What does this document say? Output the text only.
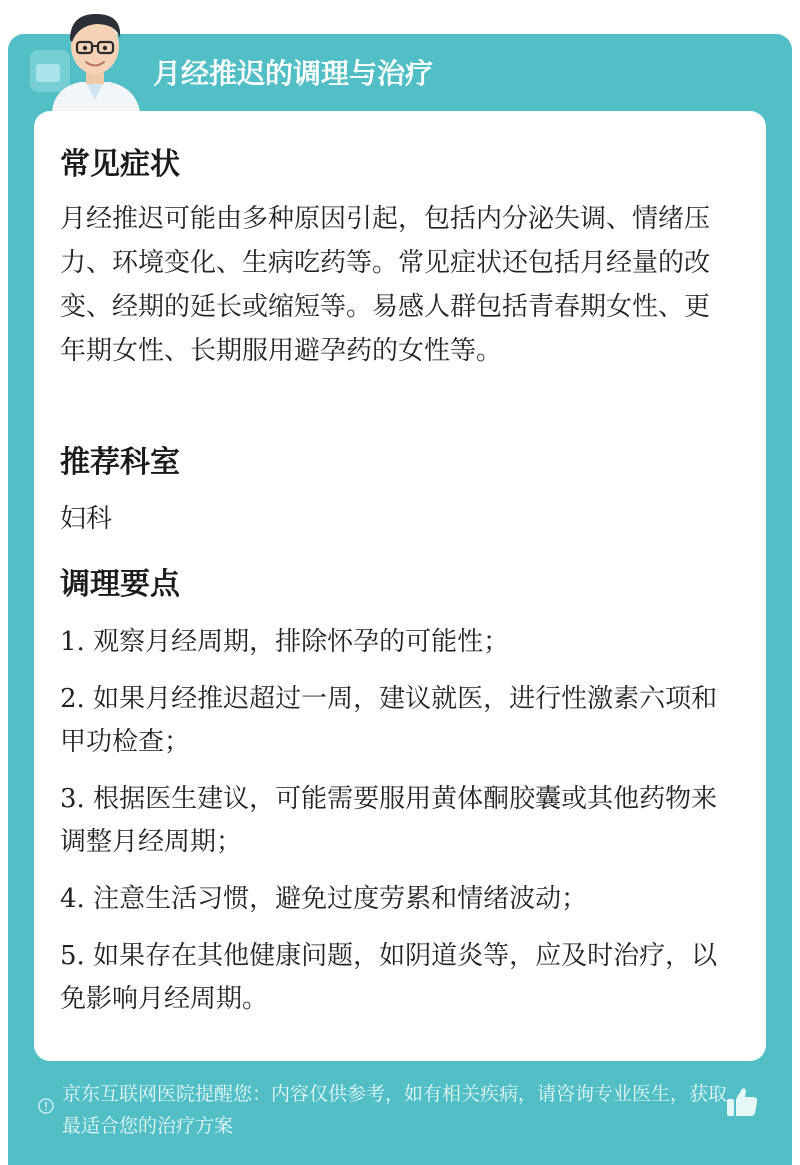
月经推迟的调理与治疗
常见症状
月经推迟可能由多种原因引起，包括内分泌失调、情绪压力、环境变化、生病吃药等。常见症状还包括月经量的改变、经期的延长或缩短等。易感人群包括青春期女性、更年期女性、长期服用避孕药的女性等。
推荐科室
妇科
调理要点
1. 观察月经周期，排除怀孕的可能性；
2. 如果月经推迟超过一周，建议就医，进行性激素六项和甲功检查；
3. 根据医生建议，可能需要服用黄体酮胶囊或其他药物来调整月经周期；
4. 注意生活习惯，避免过度劳累和情绪波动；
5. 如果存在其他健康问题，如阴道炎等，应及时治疗，以免影响月经周期。
京东互联网医院提醒您：内容仅供参考，如有相关疾病，请咨询专业医生，获取最适合您的治疗方案
